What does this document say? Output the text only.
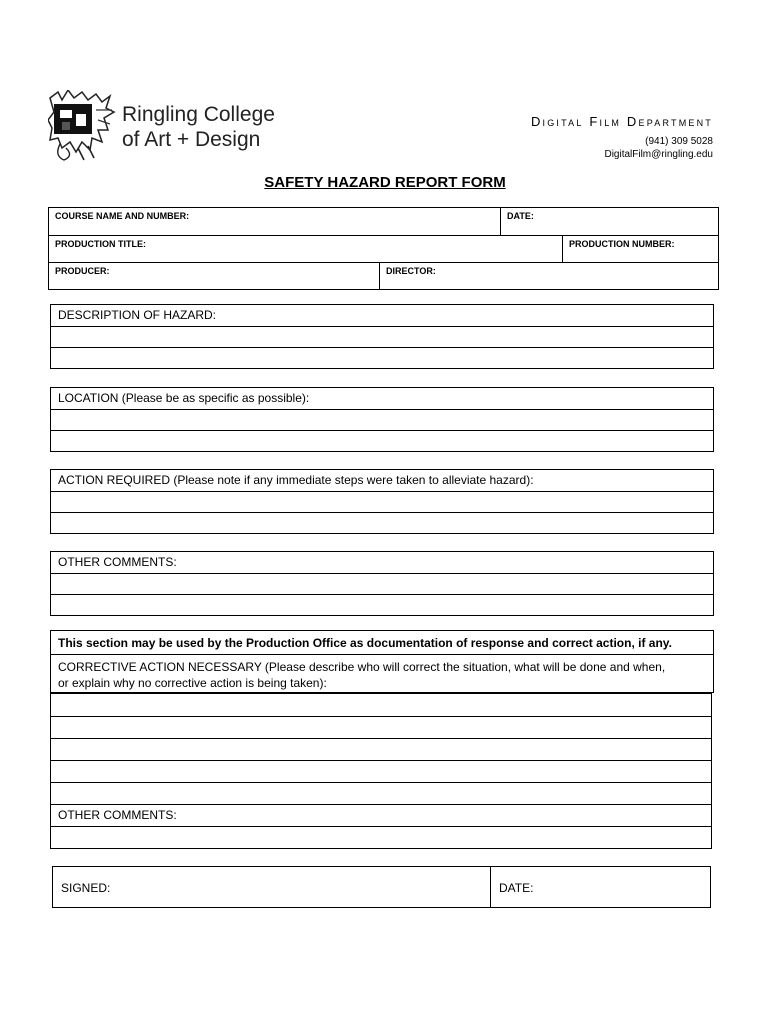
Ringling College
of Art + Design
Digital Film Department
(941) 309 5028
DigitalFilm@ringling.edu
SAFETY HAZARD REPORT FORM
COURSE NAME AND NUMBER:	DATE:
PRODUCTION TITLE:	PRODUCTION NUMBER:
PRODUCER:	DIRECTOR:
DESCRIPTION OF HAZARD:
LOCATION (Please be as specific as possible):
ACTION REQUIRED (Please note if any immediate steps were taken to alleviate hazard):
OTHER COMMENTS:
This section may be used by the Production Office as documentation of response and correct action, if any.
CORRECTIVE ACTION NECESSARY (Please describe who will correct the situation, what will be done and when,
or explain why no corrective action is being taken):
OTHER COMMENTS:
SIGNED:	DATE:
